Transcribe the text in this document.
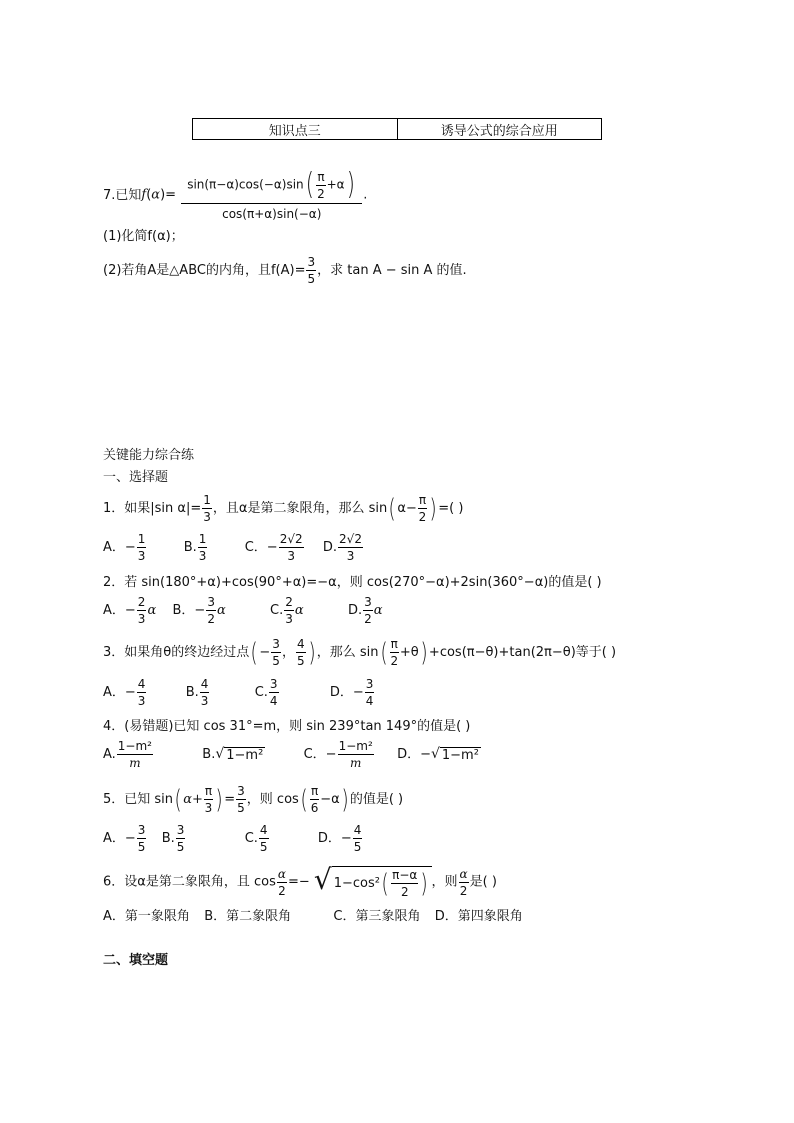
知识点三	诱导公式的综合应用
7.已知$f(\alpha)= \frac{\sin(\pi-\alpha)\cos(-\alpha)\sin( \frac{\pi}{2} +\alpha)}{\cos(\pi+\alpha)\sin(-\alpha)}$ .
(1)化简f(α)；
(2)若角A是△ABC的内角，且$f(A)= \frac{3}{5}$ ，求 tan A − sin A 的值.
关键能力综合练
一、选择题
1．如果|sin $\alpha|= \frac{1}{3}$ ，且α是第二象限角，那么 sin( $\alpha- \frac{\pi}{2}$ ) =( )
A．− $\frac{1}{3}$	B. $\frac{1}{3}$	C．− $\frac{2√2}{3} D$. $\frac{2√2}{3}$
2．若 sin(180°+α)+cos(90°+α)=−α，则 cos(270°−α)+2sin(360°−α)的值是( )
A．− $\frac{2}{3}$ α B．− $\frac{3}{2}$ α	C. $\frac{2}{3}$ α	D. $\frac{3}{2}$ α
3．如果角θ的终边经过点( − $\frac{3}{5}$ ， $\frac{4}{5}$ ) ，那么 $\sin( \frac{\pi}{2} +\theta) +\cos(\pi-\theta)+\tan(2\pi-\theta)$等于( )
A．− $\frac{4}{3}$	B. $\frac{4}{3}$	C. $\frac{3}{4}$	D．− $\frac{3}{4}$
4．(易错题)已知 cos 31°=m，则 sin 239°tan 149°的值是( )
A. $\frac{\text{1−m²}}{m}$	B. √ 1−m²	C．− $\frac{\text{1−m²}}{m}$ D．− √ 1−m²
5．已知 sin( $\alpha+ \frac{\pi}{3}$ ) = $\frac{3}{5}$ ，则 $\cos( \frac{\pi}{6} -\alpha)$ 的值是( )
A．− $\frac{3}{5} B$. $\frac{3}{5}$	C. $\frac{4}{5}$	D．− $\frac{4}{5}$
6．设α是第二象限角，且 $\cos \frac{\alpha}{2}$ =− √ $1-\cos^2( \frac{\pi-\alpha}{2}$ ) ，则 $\frac{\alpha}{2}$ 是( )
A．第一象限角 B．第二象限角	C．第三象限角 D．第四象限角
二、填空题
